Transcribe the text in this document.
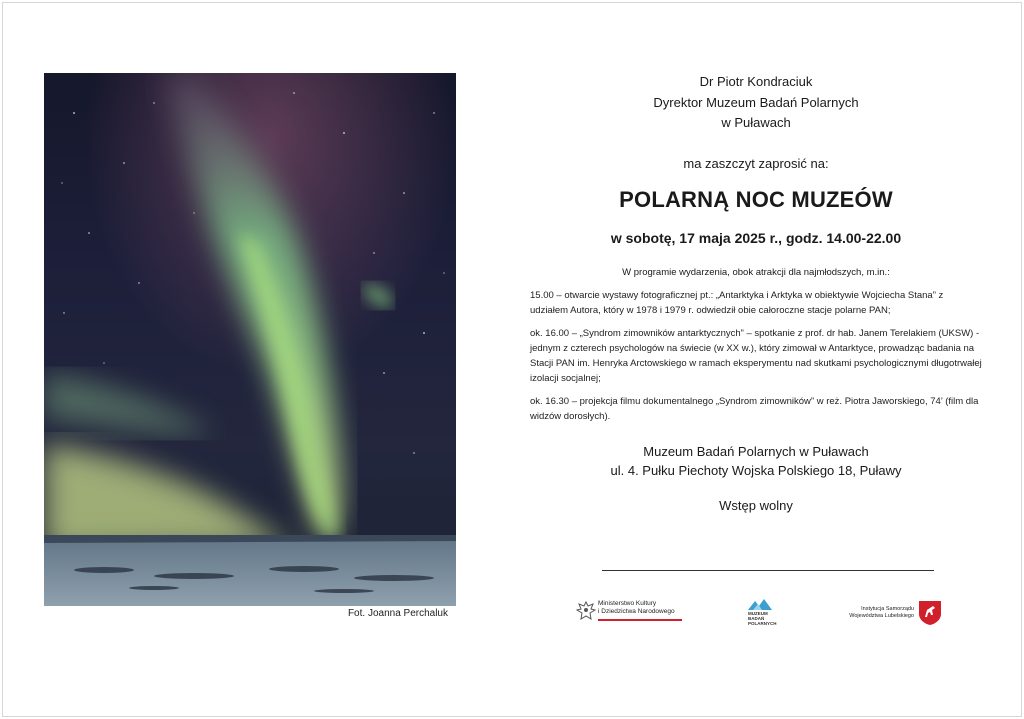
Fot. Joanna Perchaluk
Dr Piotr Kondraciuk
Dyrektor Muzeum Badań Polarnych
w Puławach
ma zaszczyt zaprosić na:
POLARNĄ NOC MUZEÓW
w sobotę, 17 maja 2025 r., godz. 14.00-22.00
W programie wydarzenia, obok atrakcji dla najmłodszych, m.in.:
15.00 – otwarcie wystawy fotograficznej pt.: „Antarktyka i Arktyka w obiektywie Wojciecha Stana” z udziałem Autora, który w 1978 i 1979 r. odwiedził obie całoroczne stacje polarne PAN;
ok. 16.00 – „Syndrom zimowników antarktycznych” – spotkanie z prof. dr hab. Janem Terelakiem (UKSW) - jednym z czterech psychologów na świecie (w XX w.), który zimował w Antarktyce, prowadząc badania na Stacji PAN im. Henryka Arctowskiego w ramach eksperymentu nad skutkami psychologicznymi długotrwałej izolacji socjalnej;
ok. 16.30 – projekcja filmu dokumentalnego „Syndrom zimowników” w reż. Piotra Jaworskiego, 74’ (film dla widzów dorosłych).
Muzeum Badań Polarnych w Puławach
ul. 4. Pułku Piechoty Wojska Polskiego 18, Puławy
Wstęp wolny
Ministerstwo Kultury
i Dziedzictwa Narodowego	MUZEUM
BADAŃ
POLARNYCH
Instytucja Samorządu
Województwa Lubelskiego
